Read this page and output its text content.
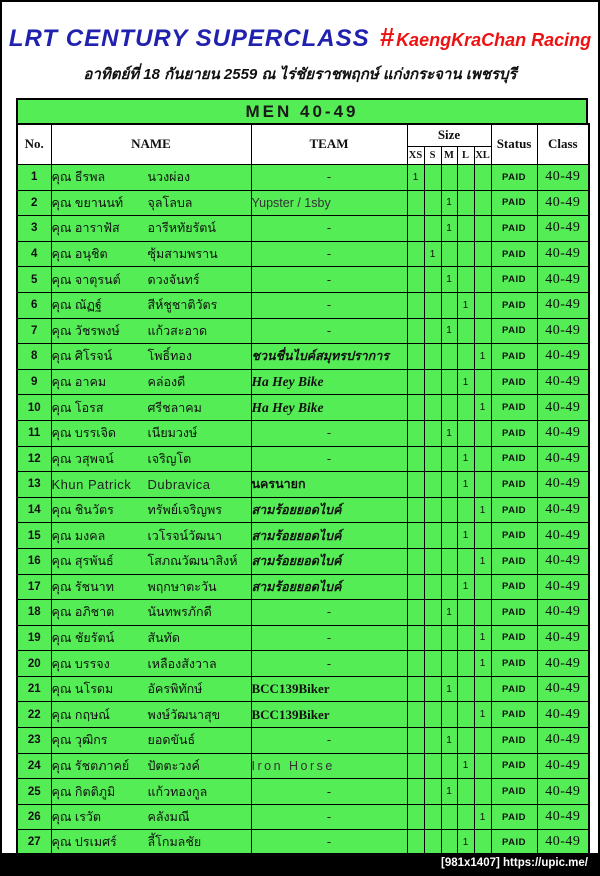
LRT CENTURY SUPERCLASS # KaengKraChan Racing
อาทิตย์ที่ 18 กันยายน 2559 ณ ไร่ชัยราชพฤกษ์ แก่งกระจาน เพชรบุรี
MEN 40-49
No.	NAME	TEAM	Size					Status	Class
			XS	S	M	L	XL		
1	คุณ ธีรพล นวงผ่อง	-	1					PAID	40-49
2	คุณ ขยานนท์ จุลโลบล	Yupster / 1sby			1			PAID	40-49
3	คุณ อาราฟัส อารีหทัยรัตน์	-			1			PAID	40-49
4	คุณ อนุชิต ซุ้มสามพราน	-		1				PAID	40-49
5	คุณ จาตุรนต์ ดวงจันทร์	-			1			PAID	40-49
6	คุณ ณัฏฐ์ สีห์ชูชาติวัตร	-				1		PAID	40-49
7	คุณ วัชรพงษ์ แก้วสะอาด	-			1			PAID	40-49
8	คุณ ศิโรจน์ โพธิ์ทอง	ชวนชื่นไบค์สมุทรปราการ					1	PAID	40-49
9	คุณ อาคม คล่องดี	Ha Hey Bike				1		PAID	40-49
10	คุณ โอรส ศรีชลาคม	Ha Hey Bike					1	PAID	40-49
11	คุณ บรรเจิด เนียมวงษ์	-			1			PAID	40-49
12	คุณ วสุพจน์ เจริญโต	-				1		PAID	40-49
13	Khun Patrick Dubravica	นครนายก				1		PAID	40-49
14	คุณ ชินวัตร ทรัพย์เจริญพร	สามร้อยยอดไบค์					1	PAID	40-49
15	คุณ มงคล เวโรจน์วัฒนา	สามร้อยยอดไบค์				1		PAID	40-49
16	คุณ สุรพันธ์ โสภณวัฒนาสิงห์	สามร้อยยอดไบค์					1	PAID	40-49
17	คุณ รัชนาท พฤกษาตะวัน	สามร้อยยอดไบค์				1		PAID	40-49
18	คุณ อภิชาต นันทพรภักดี	-			1			PAID	40-49
19	คุณ ชัยรัตน์ สันทัด	-					1	PAID	40-49
20	คุณ บรรจง เหลืองสังวาล	-					1	PAID	40-49
21	คุณ นโรดม อัครพิทักษ์	BCC139Biker			1			PAID	40-49
22	คุณ กฤษณ์ พงษ์วัฒนาสุข	BCC139Biker					1	PAID	40-49
23	คุณ วุฒิกร ยอดขันธ์	-			1			PAID	40-49
24	คุณ รัชตภาคย์ ปัตตะวงค์	Iron Horse				1		PAID	40-49
25	คุณ กิตติภูมิ แก้วทองกูล	-			1			PAID	40-49
26	คุณ เรวัต คลังมณี	-					1	PAID	40-49
27	คุณ ปรเมศร์ ลี้โกมลชัย	-				1		PAID	40-49
[981x1407] https://upic.me/
